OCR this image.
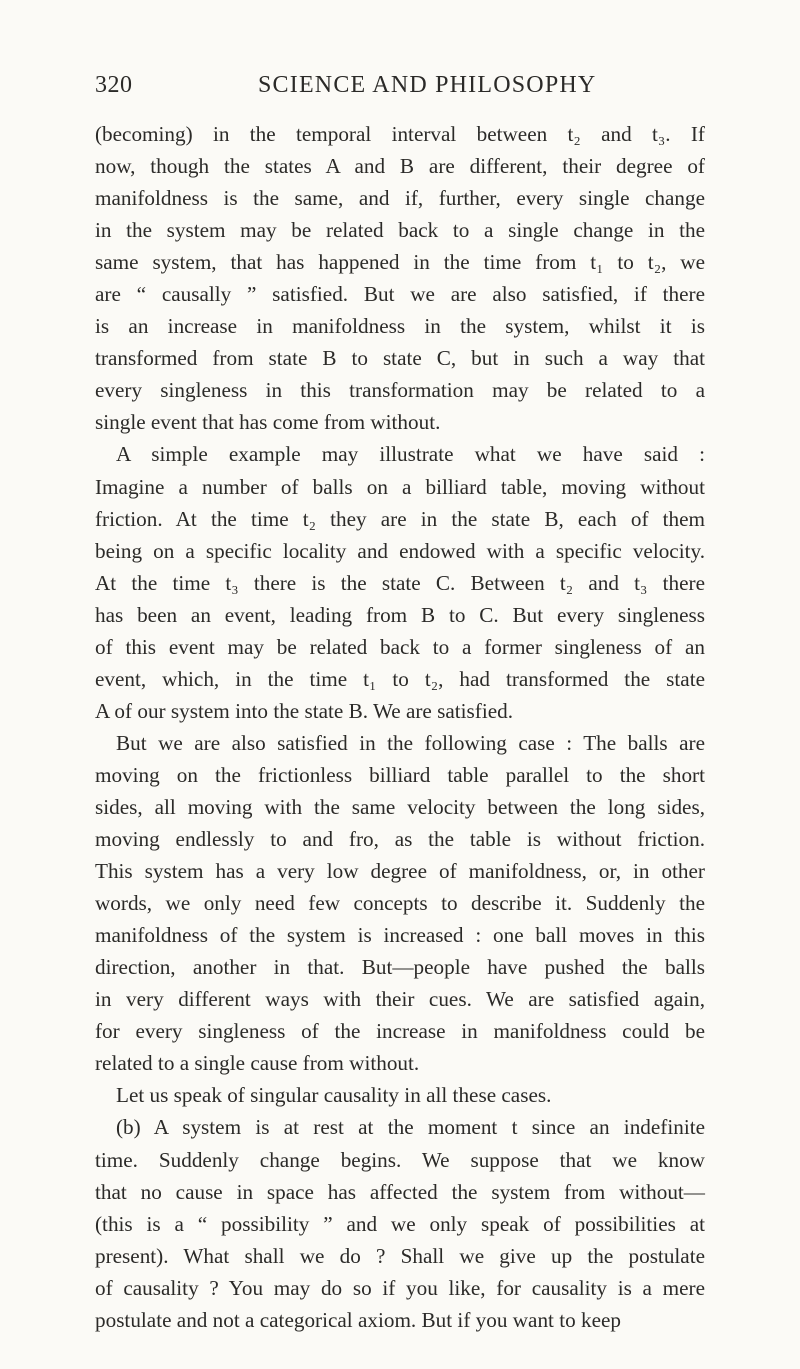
320	SCIENCE AND PHILOSOPHY
(becoming) in the temporal interval between t₂ and t₃. If
now, though the states A and B are different, their degree of
manifoldness is the same, and if, further, every single change
in the system may be related back to a single change in the
same system, that has happened in the time from t₁ to t₂, we
are “ causally ” satisfied. But we are also satisfied, if there
is an increase in manifoldness in the system, whilst it is
transformed from state B to state C, but in such a way that
every singleness in this transformation may be related to a
single event that has come from without.
A simple example may illustrate what we have said :
Imagine a number of balls on a billiard table, moving without
friction. At the time t₂ they are in the state B, each of them
being on a specific locality and endowed with a specific velocity.
At the time t₃ there is the state C. Between t₂ and t₃ there
has been an event, leading from B to C. But every singleness
of this event may be related back to a former singleness of an
event, which, in the time t₁ to t₂, had transformed the state
A of our system into the state B. We are satisfied.
But we are also satisfied in the following case : The balls are
moving on the frictionless billiard table parallel to the short
sides, all moving with the same velocity between the long sides,
moving endlessly to and fro, as the table is without friction.
This system has a very low degree of manifoldness, or, in other
words, we only need few concepts to describe it. Suddenly the
manifoldness of the system is increased : one ball moves in this
direction, another in that. But—people have pushed the balls
in very different ways with their cues. We are satisfied again,
for every singleness of the increase in manifoldness could be
related to a single cause from without.
Let us speak of singular causality in all these cases.
(b) A system is at rest at the moment t since an indefinite
time. Suddenly change begins. We suppose that we know
that no cause in space has affected the system from without—
(this is a “ possibility ” and we only speak of possibilities at
present). What shall we do ? Shall we give up the postulate
of causality ? You may do so if you like, for causality is a mere
postulate and not a categorical axiom. But if you want to keep
